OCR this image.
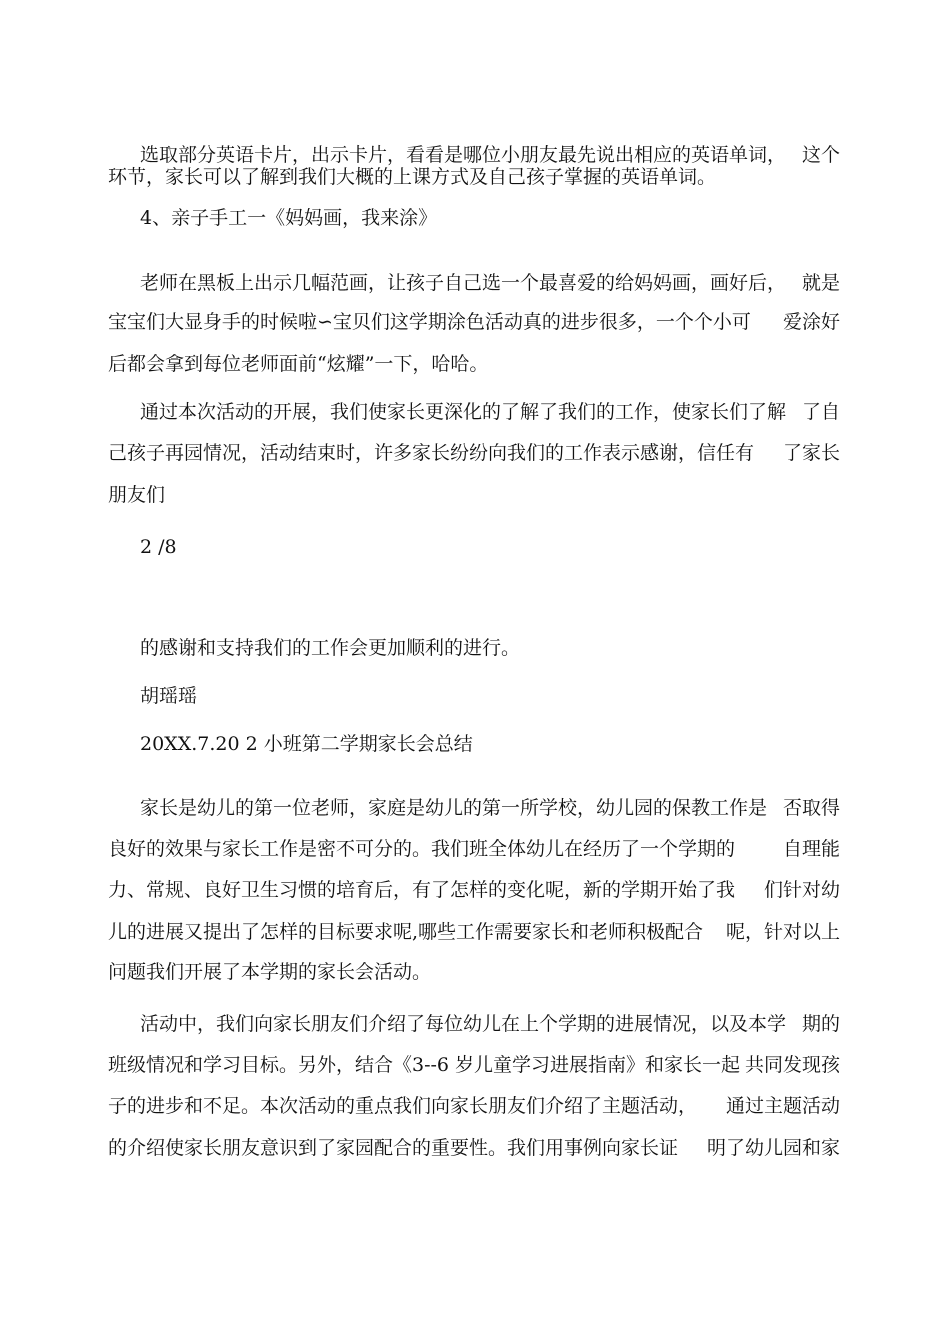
选取部分英语卡片，出示卡片，看看是哪位小朋友最先说出相应的英语单词， 这个
环节，家长可以了解到我们大概的上课方式及自己孩子掌握的英语单词。
4、亲子手工一《妈妈画，我来涂》
老师在黑板上出示几幅范画，让孩子自己选一个最喜爱的给妈妈画，画好后， 就是
宝宝们大显身手的时候啦∽宝贝们这学期涂色活动真的进步很多，一个个小可 爱涂好
后都会拿到每位老师面前“炫耀”一下，哈哈。
通过本次活动的开展，我们使家长更深化的了解了我们的工作，使家长们了解 了自
己孩子再园情况，活动结束时，许多家长纷纷向我们的工作表示感谢，信任有 了家长
朋友们
2 /8
的感谢和支持我们的工作会更加顺利的进行。
胡瑶瑶
20XX.7.20 2 小班第二学期家长会总结
家长是幼儿的第一位老师，家庭是幼儿的第一所学校，幼儿园的保教工作是 否取得
良好的效果与家长工作是密不可分的。我们班全体幼儿在经历了一个学期的	自理能
力、常规、良好卫生习惯的培育后，有了怎样的变化呢，新的学期开始了我 们针对幼
儿的进展又提出了怎样的目标要求呢,哪些工作需要家长和老师积极配合 呢，针对以上
问题我们开展了本学期的家长会活动。
活动中，我们向家长朋友们介绍了每位幼儿在上个学期的进展情况，以及本学 期的
班级情况和学习目标。另外，结合《3--6 岁儿童学习进展指南》和家长一起 共同发现孩
子的进步和不足。本次活动的重点我们向家长朋友们介绍了主题活动， 通过主题活动
的介绍使家长朋友意识到了家园配合的重要性。我们用事例向家长证 明了幼儿园和家
